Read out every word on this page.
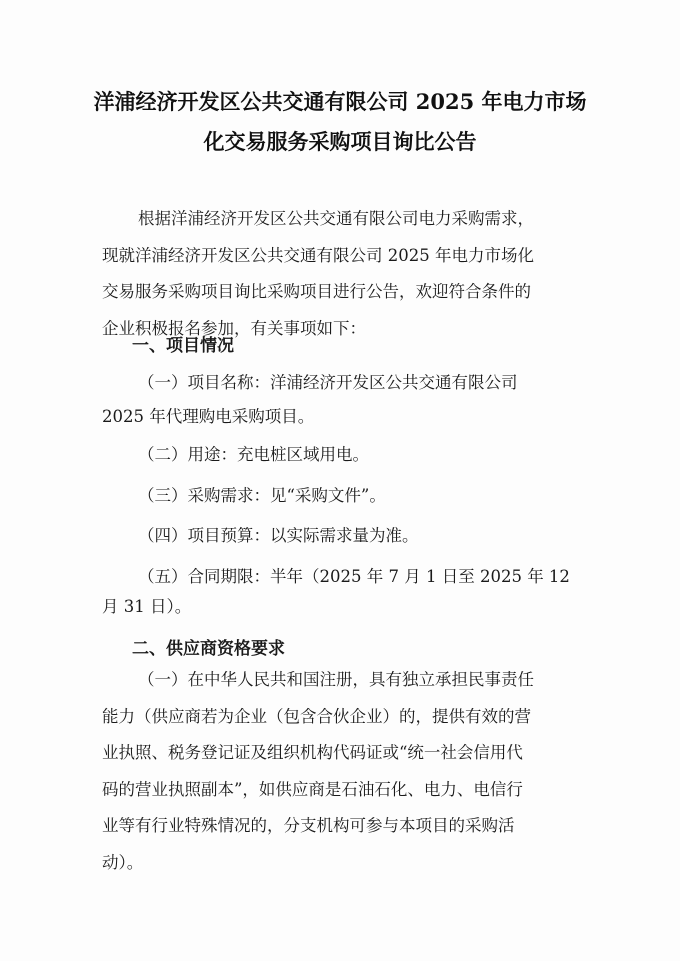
洋浦经济开发区公共交通有限公司 2025 年电力市场
化交易服务采购项目询比公告
根据洋浦经济开发区公共交通有限公司电力采购需求，
现就洋浦经济开发区公共交通有限公司 2025 年电力市场化
交易服务采购项目询比采购项目进行公告，欢迎符合条件的
企业积极报名参加，有关事项如下：
一、项目情况
（一）项目名称：洋浦经济开发区公共交通有限公司
2025 年代理购电采购项目。
（二）用途：充电桩区域用电。
（三）采购需求：见“采购文件”。
（四）项目预算：以实际需求量为准。
（五）合同期限：半年（2025 年 7 月 1 日至 2025 年 12
月 31 日）。
二、供应商资格要求
（一）在中华人民共和国注册，具有独立承担民事责任
能力（供应商若为企业（包含合伙企业）的，提供有效的营
业执照、税务登记证及组织机构代码证或“统一社会信用代
码的营业执照副本”，如供应商是石油石化、电力、电信行
业等有行业特殊情况的，分支机构可参与本项目的采购活
动）。
